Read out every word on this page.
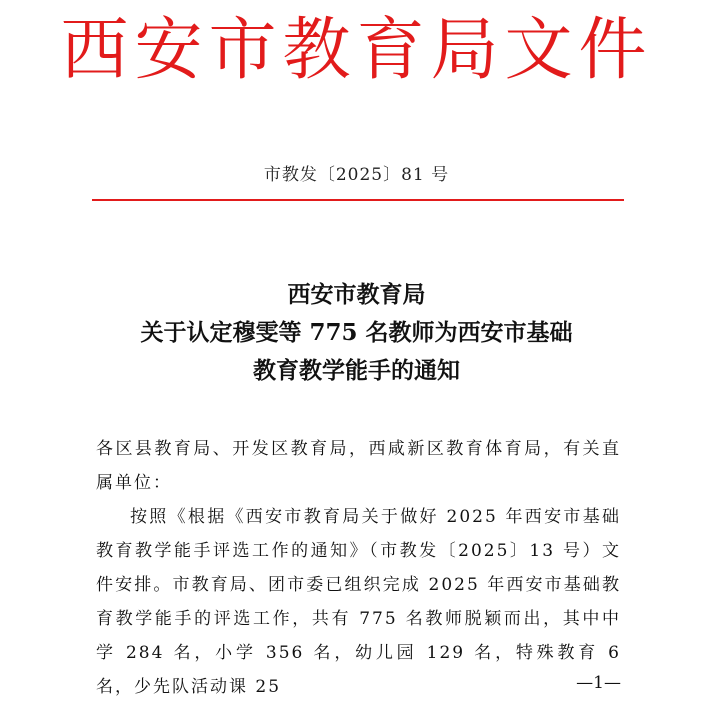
西安市教育局文件
市教发〔2025〕81 号
西安市教育局
关于认定穆雯等 775 名教师为西安市基础
教育教学能手的通知
各区县教育局、开发区教育局，西咸新区教育体育局，有关直属单位：
按照《根据《西安市教育局关于做好 2025 年西安市基础教育教学能手评选工作的通知》（市教发〔2025〕13 号）文件安排。市教育局、团市委已组织完成 2025 年西安市基础教育教学能手的评选工作，共有 775 名教师脱颖而出，其中中学 284 名，小学 356 名，幼儿园 129 名，特殊教育 6 名，少先队活动课 25	—1—
